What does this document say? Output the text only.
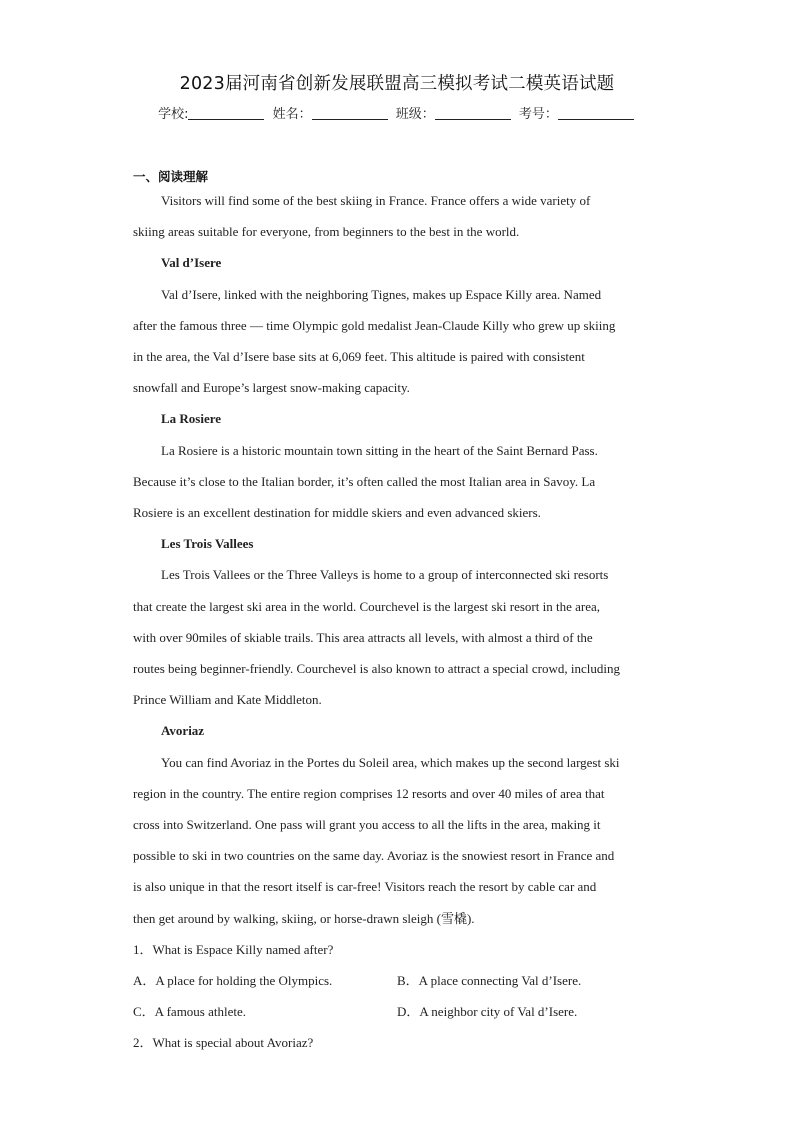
2023届河南省创新发展联盟高三模拟考试二模英语试题
学校:	姓名：	班级：	考号：
一、阅读理解

Visitors will find some of the best skiing in France. France offers a wide variety of

skiing areas suitable for everyone, from beginners to the best in the world.

Val d’Isere

Val d’Isere, linked with the neighboring Tignes, makes up Espace Killy area. Named

after the famous three — time Olympic gold medalist Jean-Claude Killy who grew up skiing

in the area, the Val d’Isere base sits at 6,069 feet. This altitude is paired with consistent

snowfall and Europe’s largest snow-making capacity.

La Rosiere

La Rosiere is a historic mountain town sitting in the heart of the Saint Bernard Pass.

Because it’s close to the Italian border, it’s often called the most Italian area in Savoy. La

Rosiere is an excellent destination for middle skiers and even advanced skiers.

Les Trois Vallees

Les Trois Vallees or the Three Valleys is home to a group of interconnected ski resorts

that create the largest ski area in the world. Courchevel is the largest ski resort in the area,

with over 90miles of skiable trails. This area attracts all levels, with almost a third of the

routes being beginner-friendly. Courchevel is also known to attract a special crowd, including

Prince William and Kate Middleton.

Avoriaz

You can find Avoriaz in the Portes du Soleil area, which makes up the second largest ski

region in the country. The entire region comprises 12 resorts and over 40 miles of area that

cross into Switzerland. One pass will grant you access to all the lifts in the area, making it

possible to ski in two countries on the same day. Avoriaz is the snowiest resort in France and

is also unique in that the resort itself is car-free! Visitors reach the resort by cable car and

then get around by walking, skiing, or horse-drawn sleigh (雪橇).

1．What is Espace Killy named after?

A．A place for holding the Olympics.	B．A place connecting Val d’Isere.
C．A famous athlete.	D．A neighbor city of Val d’Isere.

2．What is special about Avoriaz?
